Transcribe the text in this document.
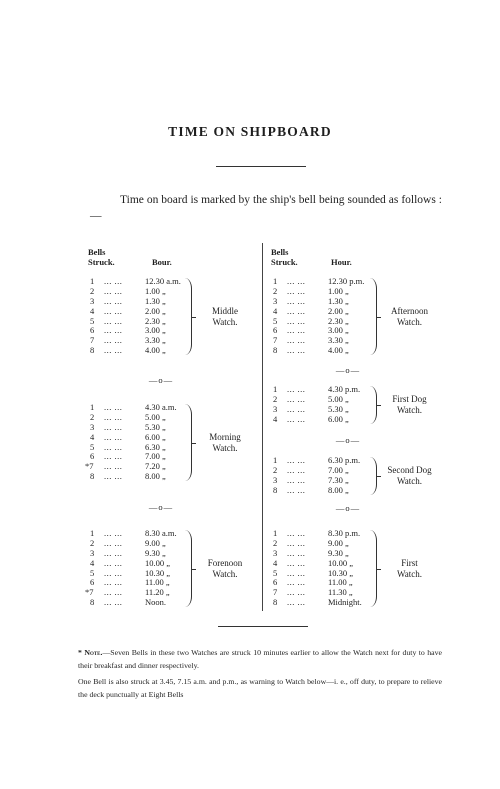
TIME ON SHIPBOARD
Time on board is marked by the ship's bell being sounded as follows :—
Bells
Struck.	Bour.
Bells
Struck.	Hour.
1 ... ...	12.30 a.m.
2 ... ...	1.00 „
3 ... ...	1.30 „
4 ... ...	2.00 „
5 ... ...	2.30 „
6 ... ...	3.00 „
7 ... ...	3.30 „
8 ... ...	4.00 „
Middle
Watch.
1 ... ...	4.30 a.m.
2 ... ...	5.00 „
3 ... ...	5.30 „
4 ... ...	6.00 „
5 ... ...	6.30 „
6 ... ...	7.00 „
*7 ... ...	7.20 „
8 ... ...	8.00 „
Morning
Watch.
1 ... ...	8.30 a.m.
2 ... ...	9.00 „
3 ... ...	9.30 „
4 ... ...	10.00 „
5 ... ...	10.30 „
6 ... ...	11.00 „
*7 ... ...	11.20 „
8 ... ...	Noon.
Forenoon
Watch.
1 ... ...	12.30 p.m.
2 ... ...	1.00 „
3 ... ...	1.30 „
4 ... ...	2.00 „
5 ... ...	2.30 „
6 ... ...	3.00 „
7 ... ...	3.30 „
8 ... ...	4.00 „
Afternoon
Watch.
1 ... ...	4.30 p.m.
2 ... ...	5.00 „
3 ... ...	5.30 „
4 ... ...	6.00 „
First Dog
Watch.
1 ... ...	6.30 p.m.
2 ... ...	7.00 „
3 ... ...	7.30 „
8 ... ...	8.00 „
Second Dog
Watch.
1 ... ...	8.30 p.m.
2 ... ...	9.00 „
3 ... ...	9.30 „
4 ... ...	10.00 „
5 ... ...	10.30 „
6 ... ...	11.00 „
7 ... ...	11.30 „
8 ... ...	Midnight.
First
Watch.
—o—
—o—
—o—
—o—
—o—
* Note.—Seven Bells in these two Watches are struck 10 minutes earlier to allow the Watch next for duty to have their breakfast and dinner respectively.
One Bell is also struck at 3.45, 7.15 a.m. and p.m., as warning to Watch below—i. e., off duty, to prepare to relieve the deck punctually at Eight Bells
